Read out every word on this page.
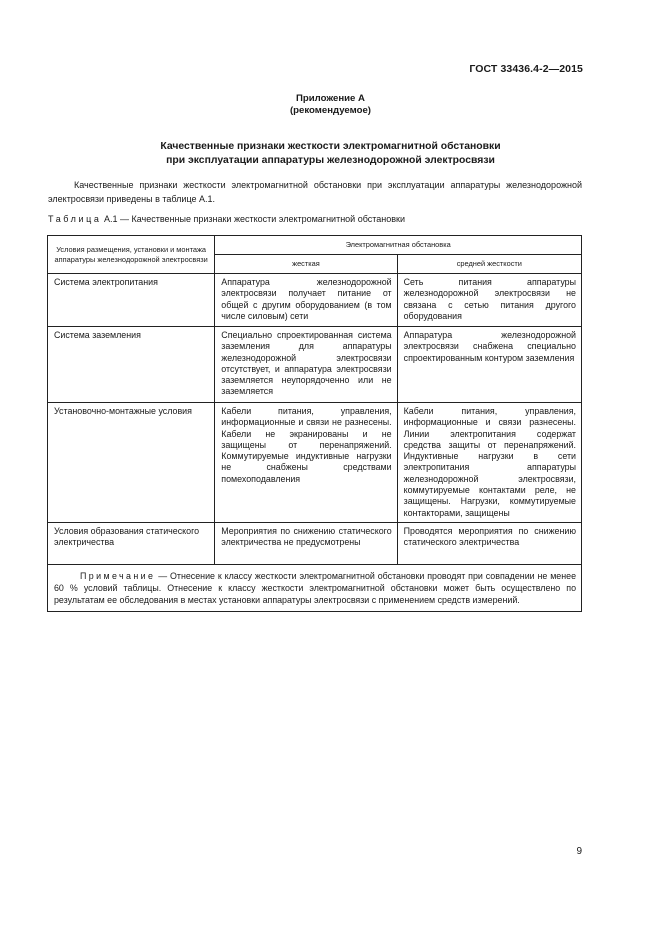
ГОСТ 33436.4-2—2015
Приложение А
(рекомендуемое)
Качественные признаки жесткости электромагнитной обстановки
при эксплуатации аппаратуры железнодорожной электросвязи

Качественные признаки жесткости электромагнитной обстановки при эксплуатации аппаратуры железнодорожной электросвязи приведены в таблице А.1.

Таблица А.1 — Качественные признаки жесткости электромагнитной обстановки
Условия размещения, установки и монтажа аппаратуры железнодорожной электросвязи	Электромагнитная обстановка	

	жесткая	средней жесткости

Система электропитания	Аппаратура железнодорожной электросвязи получает питание от общей с другим оборудованием (в том числе силовым) сети	Сеть питания аппаратуры железнодорожной электросвязи не связана с сетью питания другого оборудования

Система заземления	Специально спроектированная система заземления для аппаратуры железнодорожной электросвязи отсутствует, и аппаратура электросвязи заземляется неупорядоченно или не заземляется	Аппаратура железнодорожной электросвязи снабжена специально спроектированным контуром заземления

Установочно-монтажные условия	Кабели питания, управления, информационные и связи не разнесены. Кабели не экранированы и не защищены от перенапряжений. Коммутируемые индуктивные нагрузки не снабжены средствами помехоподавления	Кабели питания, управления, информационные и связи разнесены. Линии электропитания содержат средства защиты от перенапряжений. Индуктивные нагрузки в сети электропитания аппаратуры железнодорожной электросвязи, коммутируемые контактами реле, не защищены. Нагрузки, коммутируемые контакторами, защищены

Условия образования статического электричества	Мероприятия по снижению статического электричества не предусмотрены	Проводятся мероприятия по снижению статического электричества

Примечание — Отнесение к классу жесткости электромагнитной обстановки проводят при совпадении не менее 60 % условий таблицы. Отнесение к классу жесткости электромагнитной обстановки может быть осуществлено по результатам ее обследования в местах установки аппаратуры электросвязи с применением средств измерений.		
9
